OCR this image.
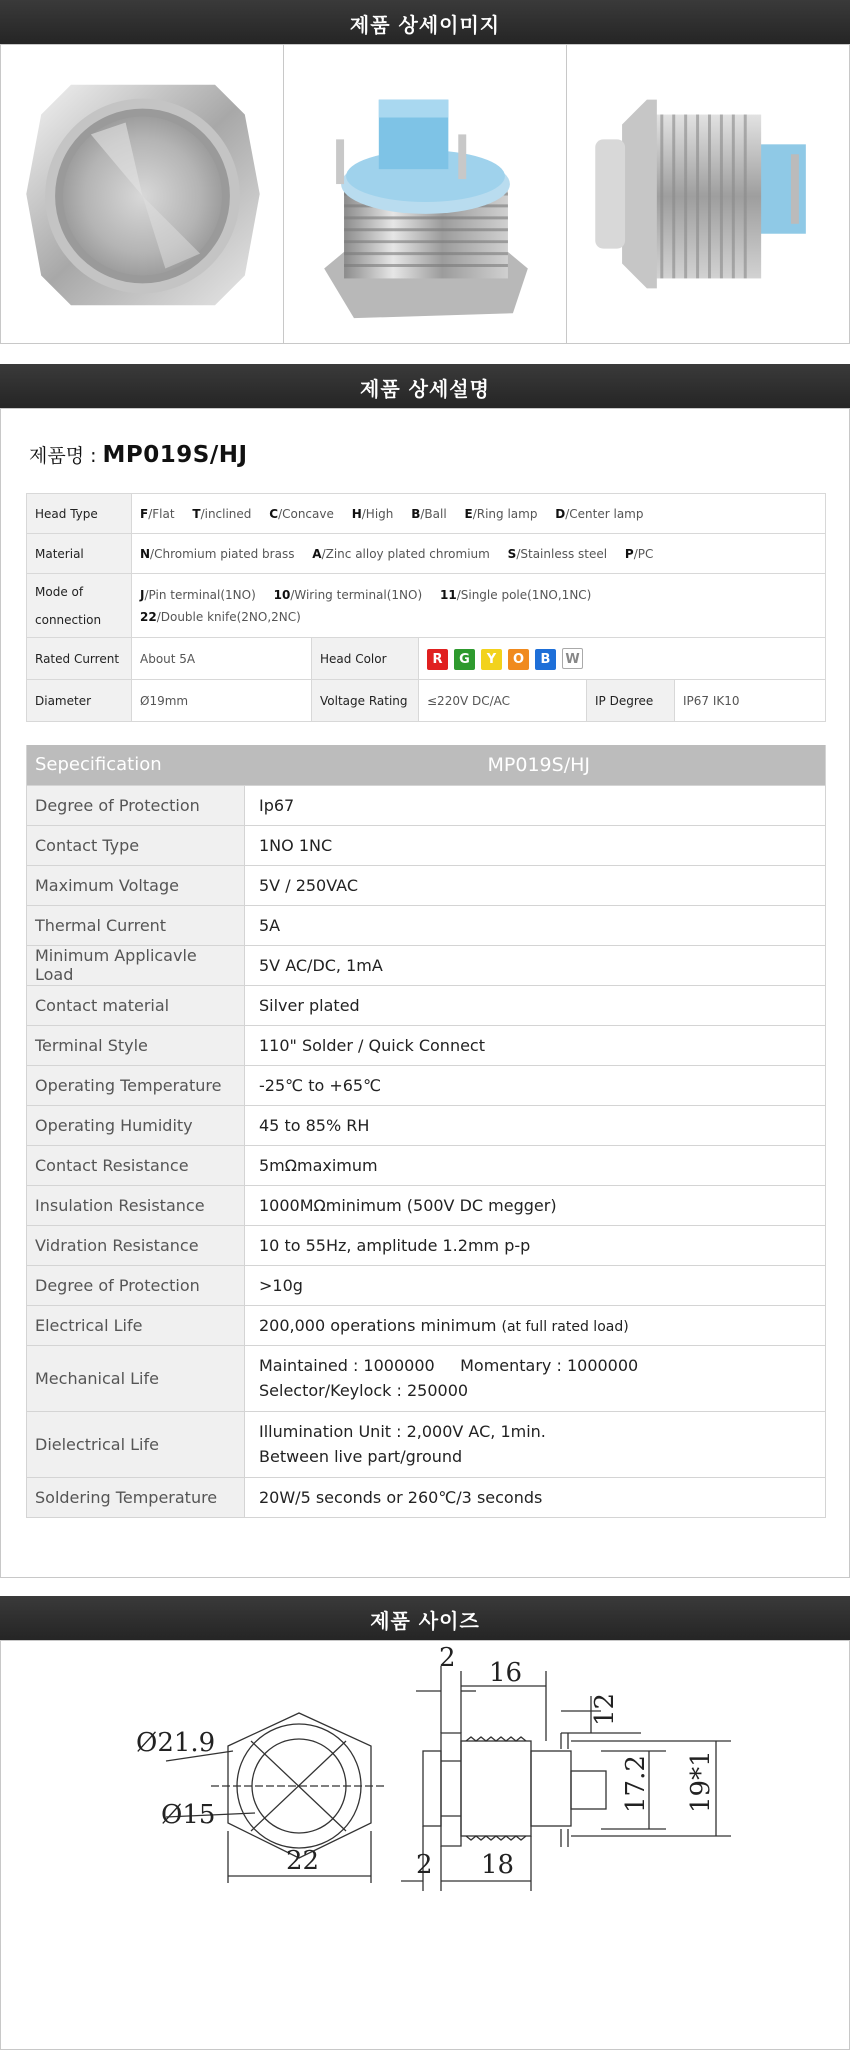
제품 상세이미지
제품 상세설명
제품명 : MP019S/HJ
Head Type	F/Flat T/inclined C/Concave H/High B/Ball E/Ring lamp D/Center lamp				
Material	N/Chromium piated brass A/Zinc alloy plated chromium S/Stainless steel P/PC				
Mode of

connection	J/Pin terminal(1NO) 10/Wiring terminal(1NO) 11/Single pole(1NO,1NC)
22/Double knife(2NO,2NC)				
Rated Current	About 5A	Head Color	R G Y O B W		
Diameter	Ø19mm	Voltage Rating	≤220V DC/AC	IP Degree	IP67 IK10
Sepecification	MP019S/HJ
Degree of Protection	Ip67
Contact Type	1NO 1NC
Maximum Voltage	5V / 250VAC
Thermal Current	5A
Minimum Applicavle Load	5V AC/DC, 1mA
Contact material	Silver plated
Terminal Style	110" Solder / Quick Connect
Operating Temperature	-25℃ to +65℃
Operating Humidity	45 to 85% RH
Contact Resistance	5mΩmaximum
Insulation Resistance	1000MΩminimum (500V DC megger)
Vidration Resistance	10 to 55Hz, amplitude 1.2mm p-p
Degree of Protection	>10g
Electrical Life	200,000 operations minimum (at full rated load)
Mechanical Life	Maintained : 1000000     Momentary : 1000000
Selector/Keylock : 250000
Dielectrical Life	Illumination Unit : 2,000V AC, 1min.
Between live part/ground
Soldering Temperature	20W/5 seconds or 260℃/3 seconds
제품 사이즈
Ø21.9
Ø15
22
2 16
2 18
12
17.2 19*1
